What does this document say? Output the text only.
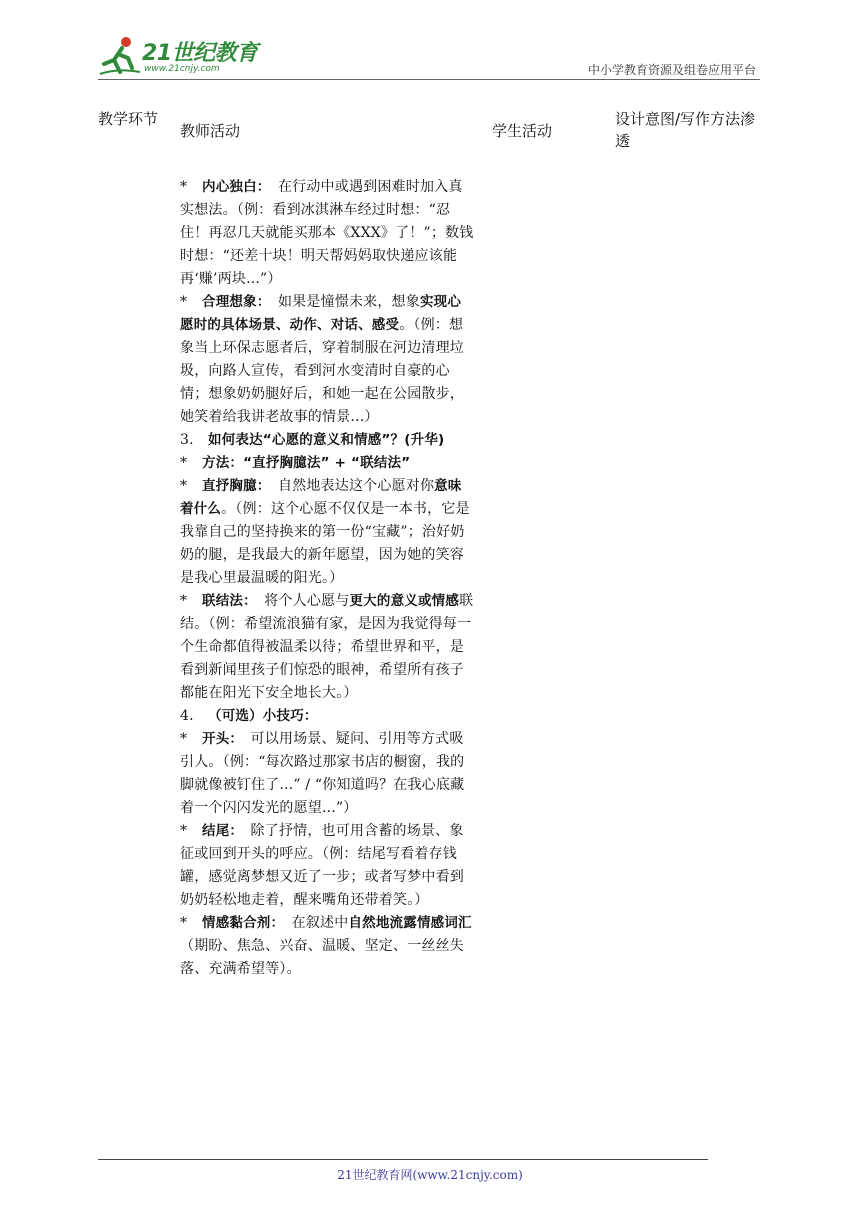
21世纪教育
www.21cnjy.com	中小学教育资源及组卷应用平台
教学环节
教师活动	学生活动
设计意图/写作方法渗透

* 内心独白：　在行动中或遇到困难时加入真实想法。（例：看到冰淇淋车经过时想：“忍住！再忍几天就能买那本《XXX》了！”；数钱时想：“还差十块！明天帮妈妈取快递应该能再‘赚’两块...”）

* 合理想象：　如果是憧憬未来，想象实现心愿时的具体场景、动作、对话、感受。（例：想象当上环保志愿者后，穿着制服在河边清理垃圾，向路人宣传，看到河水变清时自豪的心情；想象奶奶腿好后，和她一起在公园散步，她笑着给我讲老故事的情景...）

3. 如何表达“心愿的意义和情感”？(升华)

* 方法：“直抒胸臆法” + “联结法”

* 直抒胸臆：　自然地表达这个心愿对你意味着什么。（例：这个心愿不仅仅是一本书，它是我靠自己的坚持换来的第一份“宝藏”；治好奶奶的腿，是我最大的新年愿望，因为她的笑容是我心里最温暖的阳光。）

* 联结法：　将个人心愿与更大的意义或情感联结。（例：希望流浪猫有家，是因为我觉得每一个生命都值得被温柔以待；希望世界和平，是看到新闻里孩子们惊恐的眼神，希望所有孩子都能在阳光下安全地长大。）

4. （可选）小技巧：

* 开头：　可以用场景、疑问、引用等方式吸引人。（例：“每次路过那家书店的橱窗，我的脚就像被钉住了...” / “你知道吗？在我心底藏着一个闪闪发光的愿望...”）

* 结尾：　除了抒情，也可用含蓄的场景、象征或回到开头的呼应。（例：结尾写看着存钱罐，感觉离梦想又近了一步；或者写梦中看到奶奶轻松地走着，醒来嘴角还带着笑。）

* 情感黏合剂：　在叙述中自然地流露情感词汇（期盼、焦急、兴奋、温暖、坚定、一丝丝失落、充满希望等）。

21世纪教育网(www.21cnjy.com)
